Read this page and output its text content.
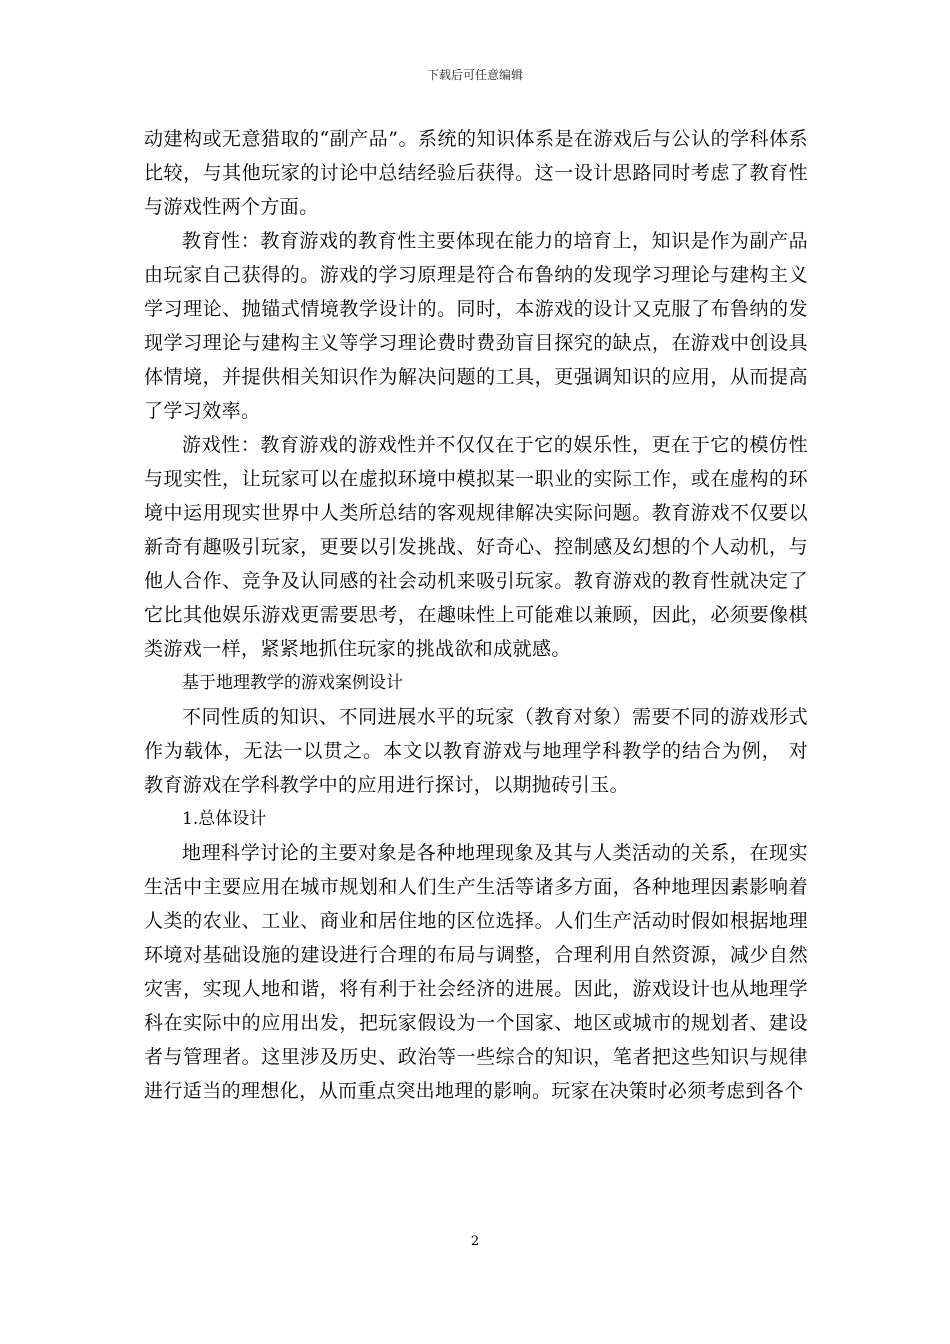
下载后可任意编辑

动建构或无意猎取的“副产品”。系统的知识体系是在游戏后与公认的学科体系比较，与其他玩家的讨论中总结经验后获得。这一设计思路同时考虑了教育性与游戏性两个方面。

教育性：教育游戏的教育性主要体现在能力的培育上，知识是作为副产品由玩家自己获得的。游戏的学习原理是符合布鲁纳的发现学习理论与建构主义学习理论、抛锚式情境教学设计的。同时，本游戏的设计又克服了布鲁纳的发现学习理论与建构主义等学习理论费时费劲盲目探究的缺点，在游戏中创设具体情境，并提供相关知识作为解决问题的工具，更强调知识的应用，从而提高了学习效率。

游戏性：教育游戏的游戏性并不仅仅在于它的娱乐性，更在于它的模仿性与现实性，让玩家可以在虚拟环境中模拟某一职业的实际工作，或在虚构的环境中运用现实世界中人类所总结的客观规律解决实际问题。教育游戏不仅要以新奇有趣吸引玩家，更要以引发挑战、好奇心、控制感及幻想的个人动机，与他人合作、竞争及认同感的社会动机来吸引玩家。教育游戏的教育性就决定了它比其他娱乐游戏更需要思考，在趣味性上可能难以兼顾，因此，必须要像棋类游戏一样，紧紧地抓住玩家的挑战欲和成就感。

基于地理教学的游戏案例设计

不同性质的知识、不同进展水平的玩家（教育对象）需要不同的游戏形式作为载体，无法一以贯之。本文以教育游戏与地理学科教学的结合为例， 对教育游戏在学科教学中的应用进行探讨，以期抛砖引玉。

1.总体设计

地理科学讨论的主要对象是各种地理现象及其与人类活动的关系，在现实生活中主要应用在城市规划和人们生产生活等诸多方面，各种地理因素影响着人类的农业、工业、商业和居住地的区位选择。人们生产活动时假如根据地理环境对基础设施的建设进行合理的布局与调整，合理利用自然资源，减少自然灾害，实现人地和谐，将有利于社会经济的进展。因此，游戏设计也从地理学科在实际中的应用出发，把玩家假设为一个国家、地区或城市的规划者、建设者与管理者。这里涉及历史、政治等一些综合的知识，笔者把这些知识与规律进行适当的理想化，从而重点突出地理的影响。玩家在决策时必须考虑到各个

2
